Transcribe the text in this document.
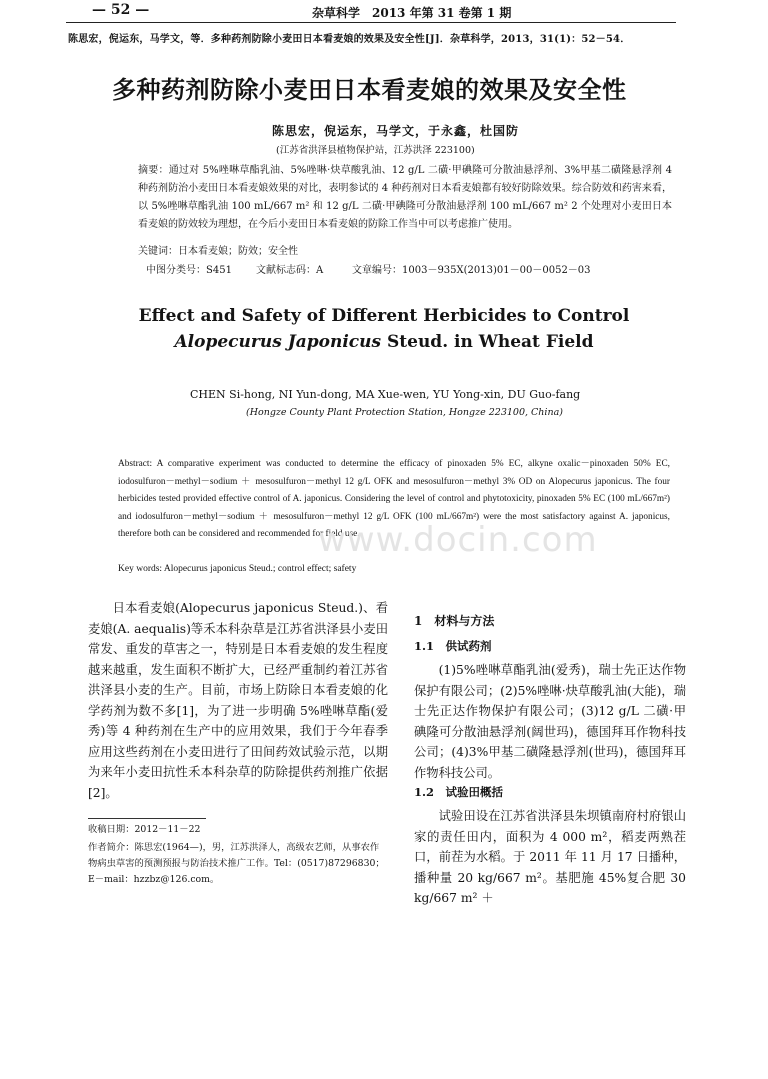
— 52 —	杂草科学　2013 年第 31 卷第 1 期
陈思宏，倪运东，马学文，等．多种药剂防除小麦田日本看麦娘的效果及安全性[J]．杂草科学，2013，31(1)：52－54．
多种药剂防除小麦田日本看麦娘的效果及安全性
陈思宏，倪运东，马学文，于永鑫，杜国防
(江苏省洪泽县植物保护站，江苏洪泽 223100)
摘要：通过对 5%唑啉草酯乳油、5%唑啉·炔草酸乳油、12 g/L 二磺·甲碘隆可分散油悬浮剂、3%甲基二磺隆悬浮剂 4 种药剂防治小麦田日本看麦娘效果的对比，表明参试的 4 种药剂对日本看麦娘都有较好防除效果。综合防效和药害来看，以 5%唑啉草酯乳油 100 mL/667 m² 和 12 g/L 二磺·甲碘隆可分散油悬浮剂 100 mL/667 m² 2 个处理对小麦田日本看麦娘的防效较为理想，在今后小麦田日本看麦娘的防除工作当中可以考虑推广使用。
关键词：日本看麦娘；防效；安全性
中图分类号：S451 文献标志码：A	文章编号：1003－935X(2013)01－00－0052－03
Effect and Safety of Different Herbicides to Control
Alopecurus Japonicus Steud. in Wheat Field
CHEN Si-hong, NI Yun-dong, MA Xue-wen, YU Yong-xin, DU Guo-fang
(Hongze County Plant Protection Station, Hongze 223100, China)
Abstract: A comparative experiment was conducted to determine the efficacy of pinoxaden 5% EC, alkyne oxalic－pinoxaden 50% EC, iodosulfuron－methyl－sodium ＋ mesosulfuron－methyl 12 g/L OFK and mesosulfuron－methyl 3% OD on Alopecurus japonicus. The four herbicides tested provided effective control of A. japonicus. Considering the level of control and phytotoxicity, pinoxaden 5% EC (100 mL/667m²) and iodosulfuron－methyl－sodium ＋ mesosulfuron－methyl 12 g/L OFK (100 mL/667m²) were the most satisfactory against A. japonicus, therefore both can be considered and recommended for field use.
Key words: Alopecurus japonicus Steud.; control effect; safety
www.docin.com
日本看麦娘(Alopecurus japonicus Steud.)、看麦娘(A. aequalis)等禾本科杂草是江苏省洪泽县小麦田常发、重发的草害之一，特别是日本看麦娘的发生程度越来越重，发生面积不断扩大，已经严重制约着江苏省洪泽县小麦的生产。目前，市场上防除日本看麦娘的化学药剂为数不多[1]，为了进一步明确 5%唑啉草酯(爱秀)等 4 种药剂在生产中的应用效果，我们于今年春季应用这些药剂在小麦田进行了田间药效试验示范，以期为来年小麦田抗性禾本科杂草的防除提供药剂推广依据[2]。
收稿日期：2012－11－22
作者简介：陈思宏(1964—)，男，江苏洪泽人，高级农艺师，从事农作物病虫草害的预测预报与防治技术推广工作。Tel：(0517)87296830；E－mail：hzzbz@126.com。
1　材料与方法
1.1　供试药剂
(1)5%唑啉草酯乳油(爱秀)，瑞士先正达作物保护有限公司；(2)5%唑啉·炔草酸乳油(大能)，瑞士先正达作物保护有限公司；(3)12 g/L 二磺·甲碘隆可分散油悬浮剂(阔世玛)，德国拜耳作物科技公司；(4)3%甲基二磺隆悬浮剂(世玛)，德国拜耳作物科技公司。
1.2　试验田概括
试验田设在江苏省洪泽县朱坝镇南府村府银山家的责任田内，面积为 4 000 m²，稻麦两熟茬口，前茬为水稻。于 2011 年 11 月 17 日播种，播种量 20 kg/667 m²。基肥施 45%复合肥 30 kg/667 m² ＋
